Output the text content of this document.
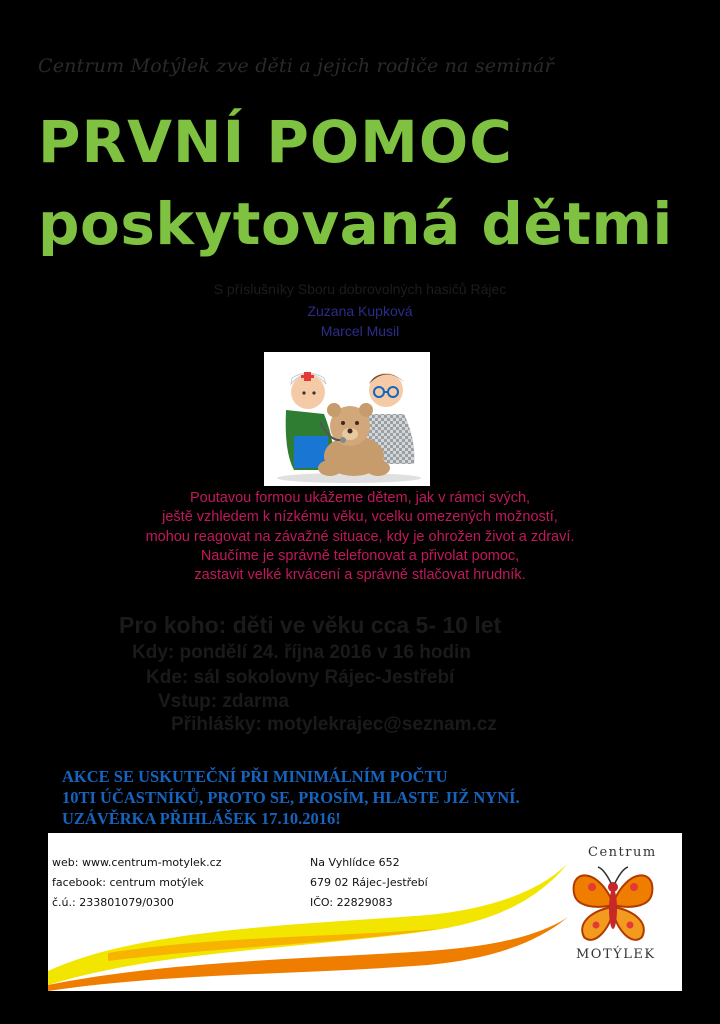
Centrum Motýlek zve děti a jejich rodiče na seminář
PRVNÍ POMOC
poskytovaná dětmi
S příslušníky Sboru dobrovolných hasičů Rájec
Zuzana Kupková
Marcel Musil
Poutavou formou ukážeme dětem, jak v rámci svých,
ještě vzhledem k nízkému věku, vcelku omezených možností,
mohou reagovat na závažné situace, kdy je ohrožen život a zdraví.
Naučíme je správně telefonovat a přivolat pomoc,
zastavit velké krvácení a správně stlačovat hrudník.
Pro koho: děti ve věku cca 5- 10 let
Kdy: pondělí 24. října 2016 v 16 hodin
Kde: sál sokolovny Rájec-Jestřebí
Vstup: zdarma
Přihlášky: motylekrajec@seznam.cz
AKCE SE USKUTEČNÍ PŘI MINIMÁLNÍM POČTU
10TI ÚČASTNÍKŮ, PROTO SE, PROSÍM, HLASTE JIŽ NYNÍ.
UZÁVĚRKA PŘIHLÁŠEK 17.10.2016!
web: www.centrum-motylek.cz
facebook: centrum motýlek
č.ú.: 233801079/0300
Na Vyhlídce 652
679 02 Rájec-Jestřebí
IČO: 22829083
Centrum
MOTÝLEK
